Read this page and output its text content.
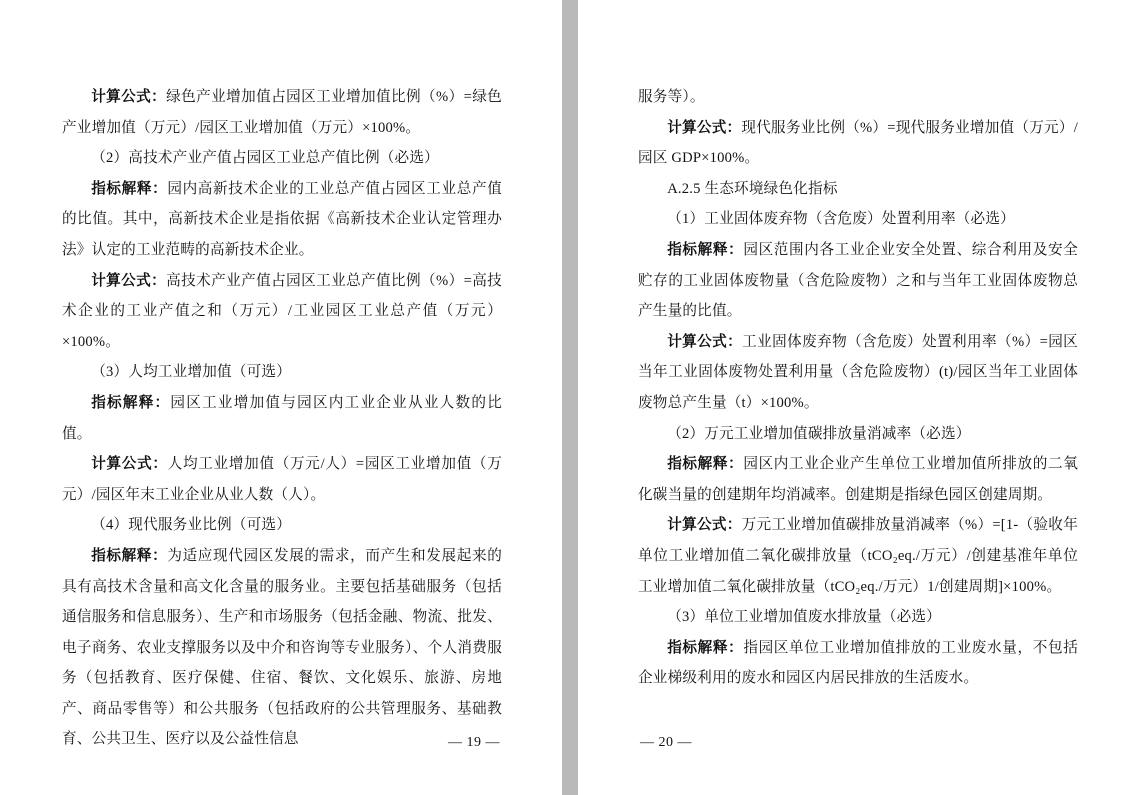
计算公式：绿色产业增加值占园区工业增加值比例（%）=绿色产业增加值（万元）/园区工业增加值（万元）×100%。

（2）高技术产业产值占园区工业总产值比例（必选）

指标解释：园内高新技术企业的工业总产值占园区工业总产值的比值。其中，高新技术企业是指依据《高新技术企业认定管理办法》认定的工业范畴的高新技术企业。

计算公式：高技术产业产值占园区工业总产值比例（%）=高技术企业的工业产值之和（万元）/工业园区工业总产值（万元）×100%。

（3）人均工业增加值（可选）

指标解释：园区工业增加值与园区内工业企业从业人数的比值。

计算公式：人均工业增加值（万元/人）=园区工业增加值（万元）/园区年末工业企业从业人数（人）。

（4）现代服务业比例（可选）

指标解释：为适应现代园区发展的需求，而产生和发展起来的具有高技术含量和高文化含量的服务业。主要包括基础服务（包括通信服务和信息服务）、生产和市场服务（包括金融、物流、批发、电子商务、农业支撑服务以及中介和咨询等专业服务）、个人消费服务（包括教育、医疗保健、住宿、餐饮、文化娱乐、旅游、房地产、商品零售等）和公共服务（包括政府的公共管理服务、基础教育、公共卫生、医疗以及公益性信息	— 19 —

服务等）。

计算公式：现代服务业比例（%）=现代服务业增加值（万元）/园区 GDP×100%。

A.2.5 生态环境绿色化指标

（1）工业固体废弃物（含危废）处置利用率（必选）

指标解释：园区范围内各工业企业安全处置、综合利用及安全贮存的工业固体废物量（含危险废物）之和与当年工业固体废物总产生量的比值。

计算公式：工业固体废弃物（含危废）处置利用率（%）=园区当年工业固体废物处置利用量（含危险废物）(t)/园区当年工业固体废物总产生量（t）×100%。

（2）万元工业增加值碳排放量消减率（必选）

指标解释：园区内工业企业产生单位工业增加值所排放的二氧化碳当量的创建期年均消减率。创建期是指绿色园区创建周期。

计算公式：万元工业增加值碳排放量消减率（%）=[1-（验收年单位工业增加值二氧化碳排放量（tCO₂eq./万元）/创建基准年单位工业增加值二氧化碳排放量（tCO₂eq./万元）1/创建周期]×100%。

（3）单位工业增加值废水排放量（必选）

指标解释：指园区单位工业增加值排放的工业废水量，不包括企业梯级利用的废水和园区内居民排放的生活废水。

— 20 —
